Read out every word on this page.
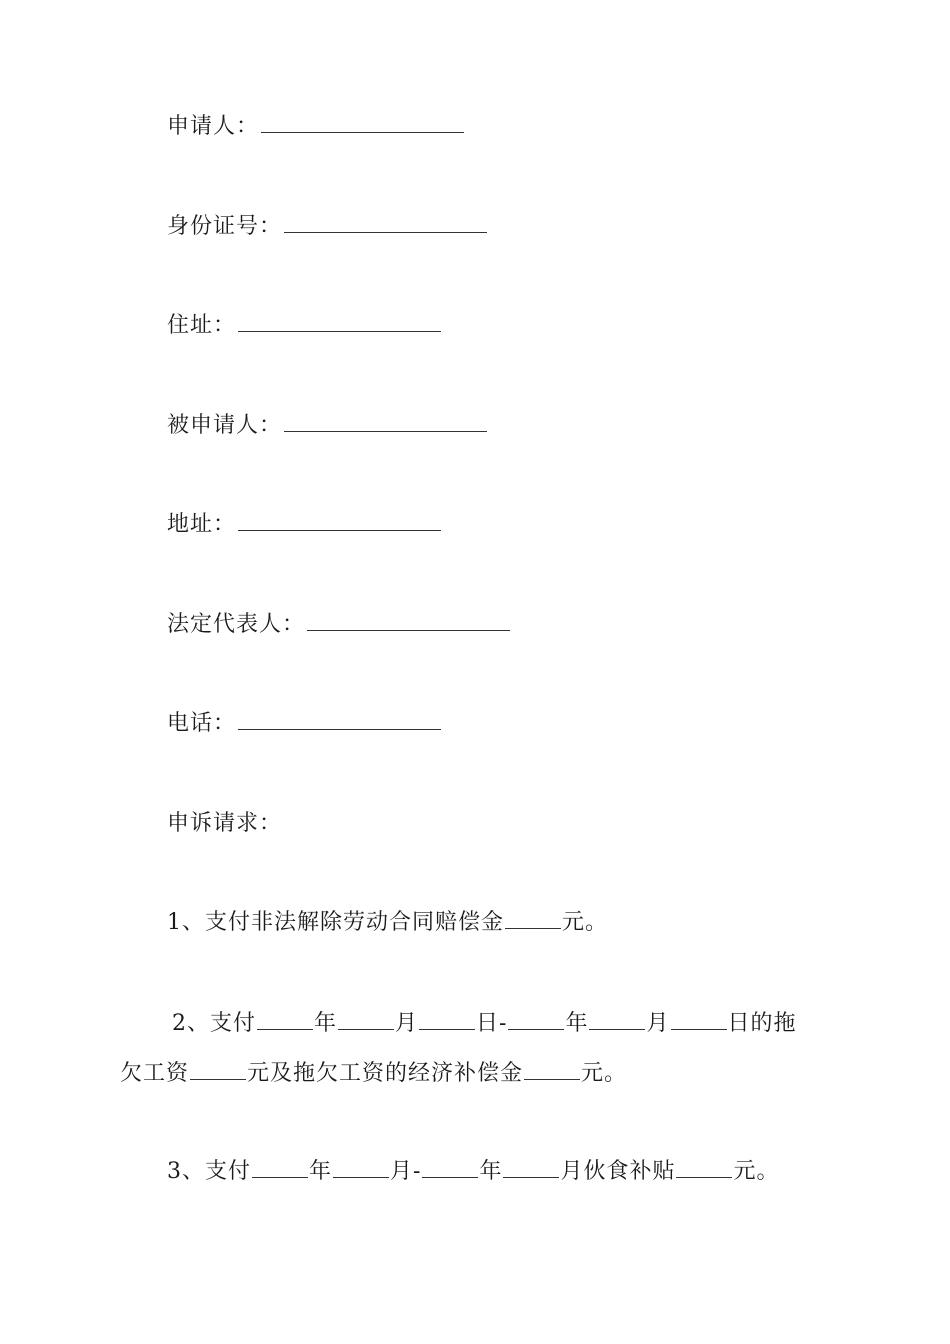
申请人：
身份证号：
住址：
被申请人：
地址：
法定代表人：
电话：
申诉请求：
1、支付非法解除劳动合同赔偿金	元。
2、支付	年	月	日-	年	月	日的拖
欠工资	元及拖欠工资的经济补偿金	元。
3、支付	年	月-	年	月伙食补贴	元。
